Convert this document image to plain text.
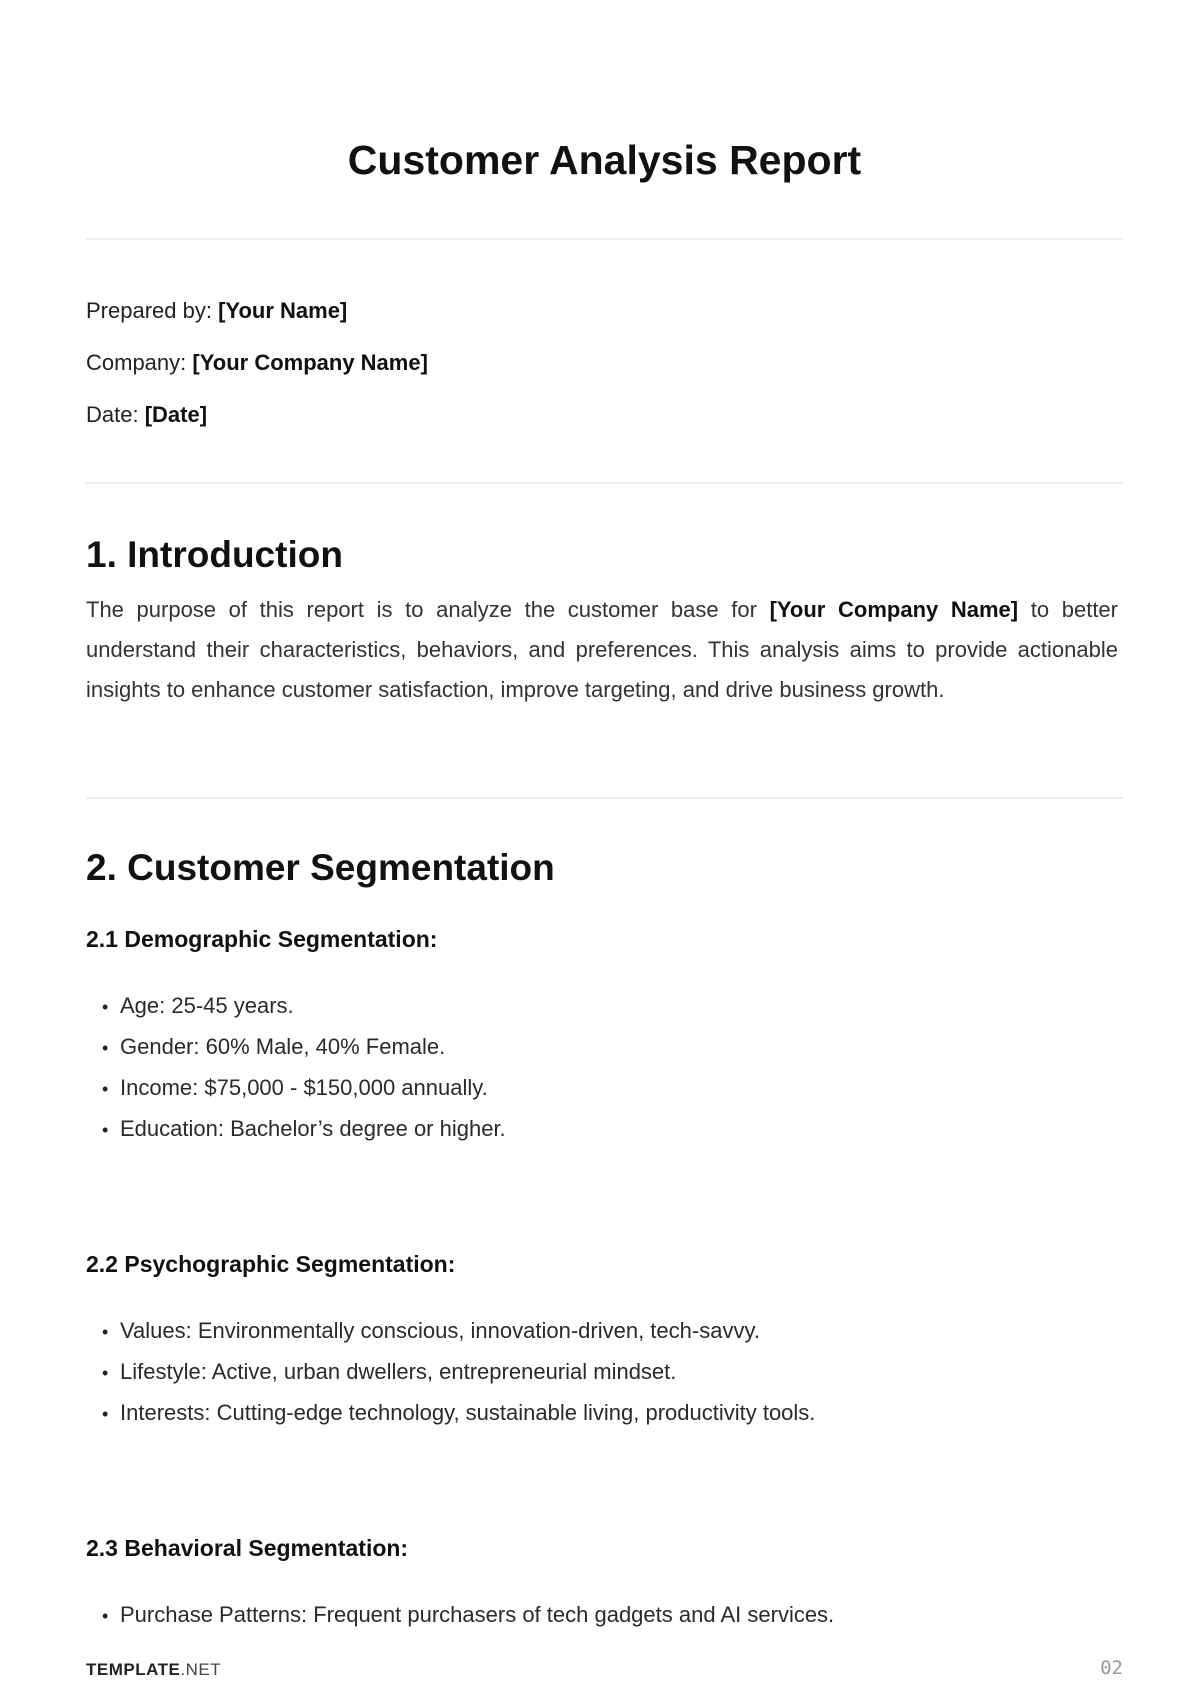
Customer Analysis Report

Prepared by: [Your Name]

Company: [Your Company Name]

Date: [Date]

1. Introduction

The purpose of this report is to analyze the customer base for [Your Company Name] to better understand their characteristics, behaviors, and preferences. This analysis aims to provide actionable insights to enhance customer satisfaction, improve targeting, and drive business growth.

2. Customer Segmentation
2.1 Demographic Segmentation:
• Age: 25-45 years.
• Gender: 60% Male, 40% Female.
• Income: $75,000 - $150,000 annually.
• Education: Bachelor’s degree or higher.
2.2 Psychographic Segmentation:
• Values: Environmentally conscious, innovation-driven, tech-savvy.
• Lifestyle: Active, urban dwellers, entrepreneurial mindset.
• Interests: Cutting-edge technology, sustainable living, productivity tools.
2.3 Behavioral Segmentation:
• Purchase Patterns: Frequent purchasers of tech gadgets and AI services.
TEMPLATE.NET	02
